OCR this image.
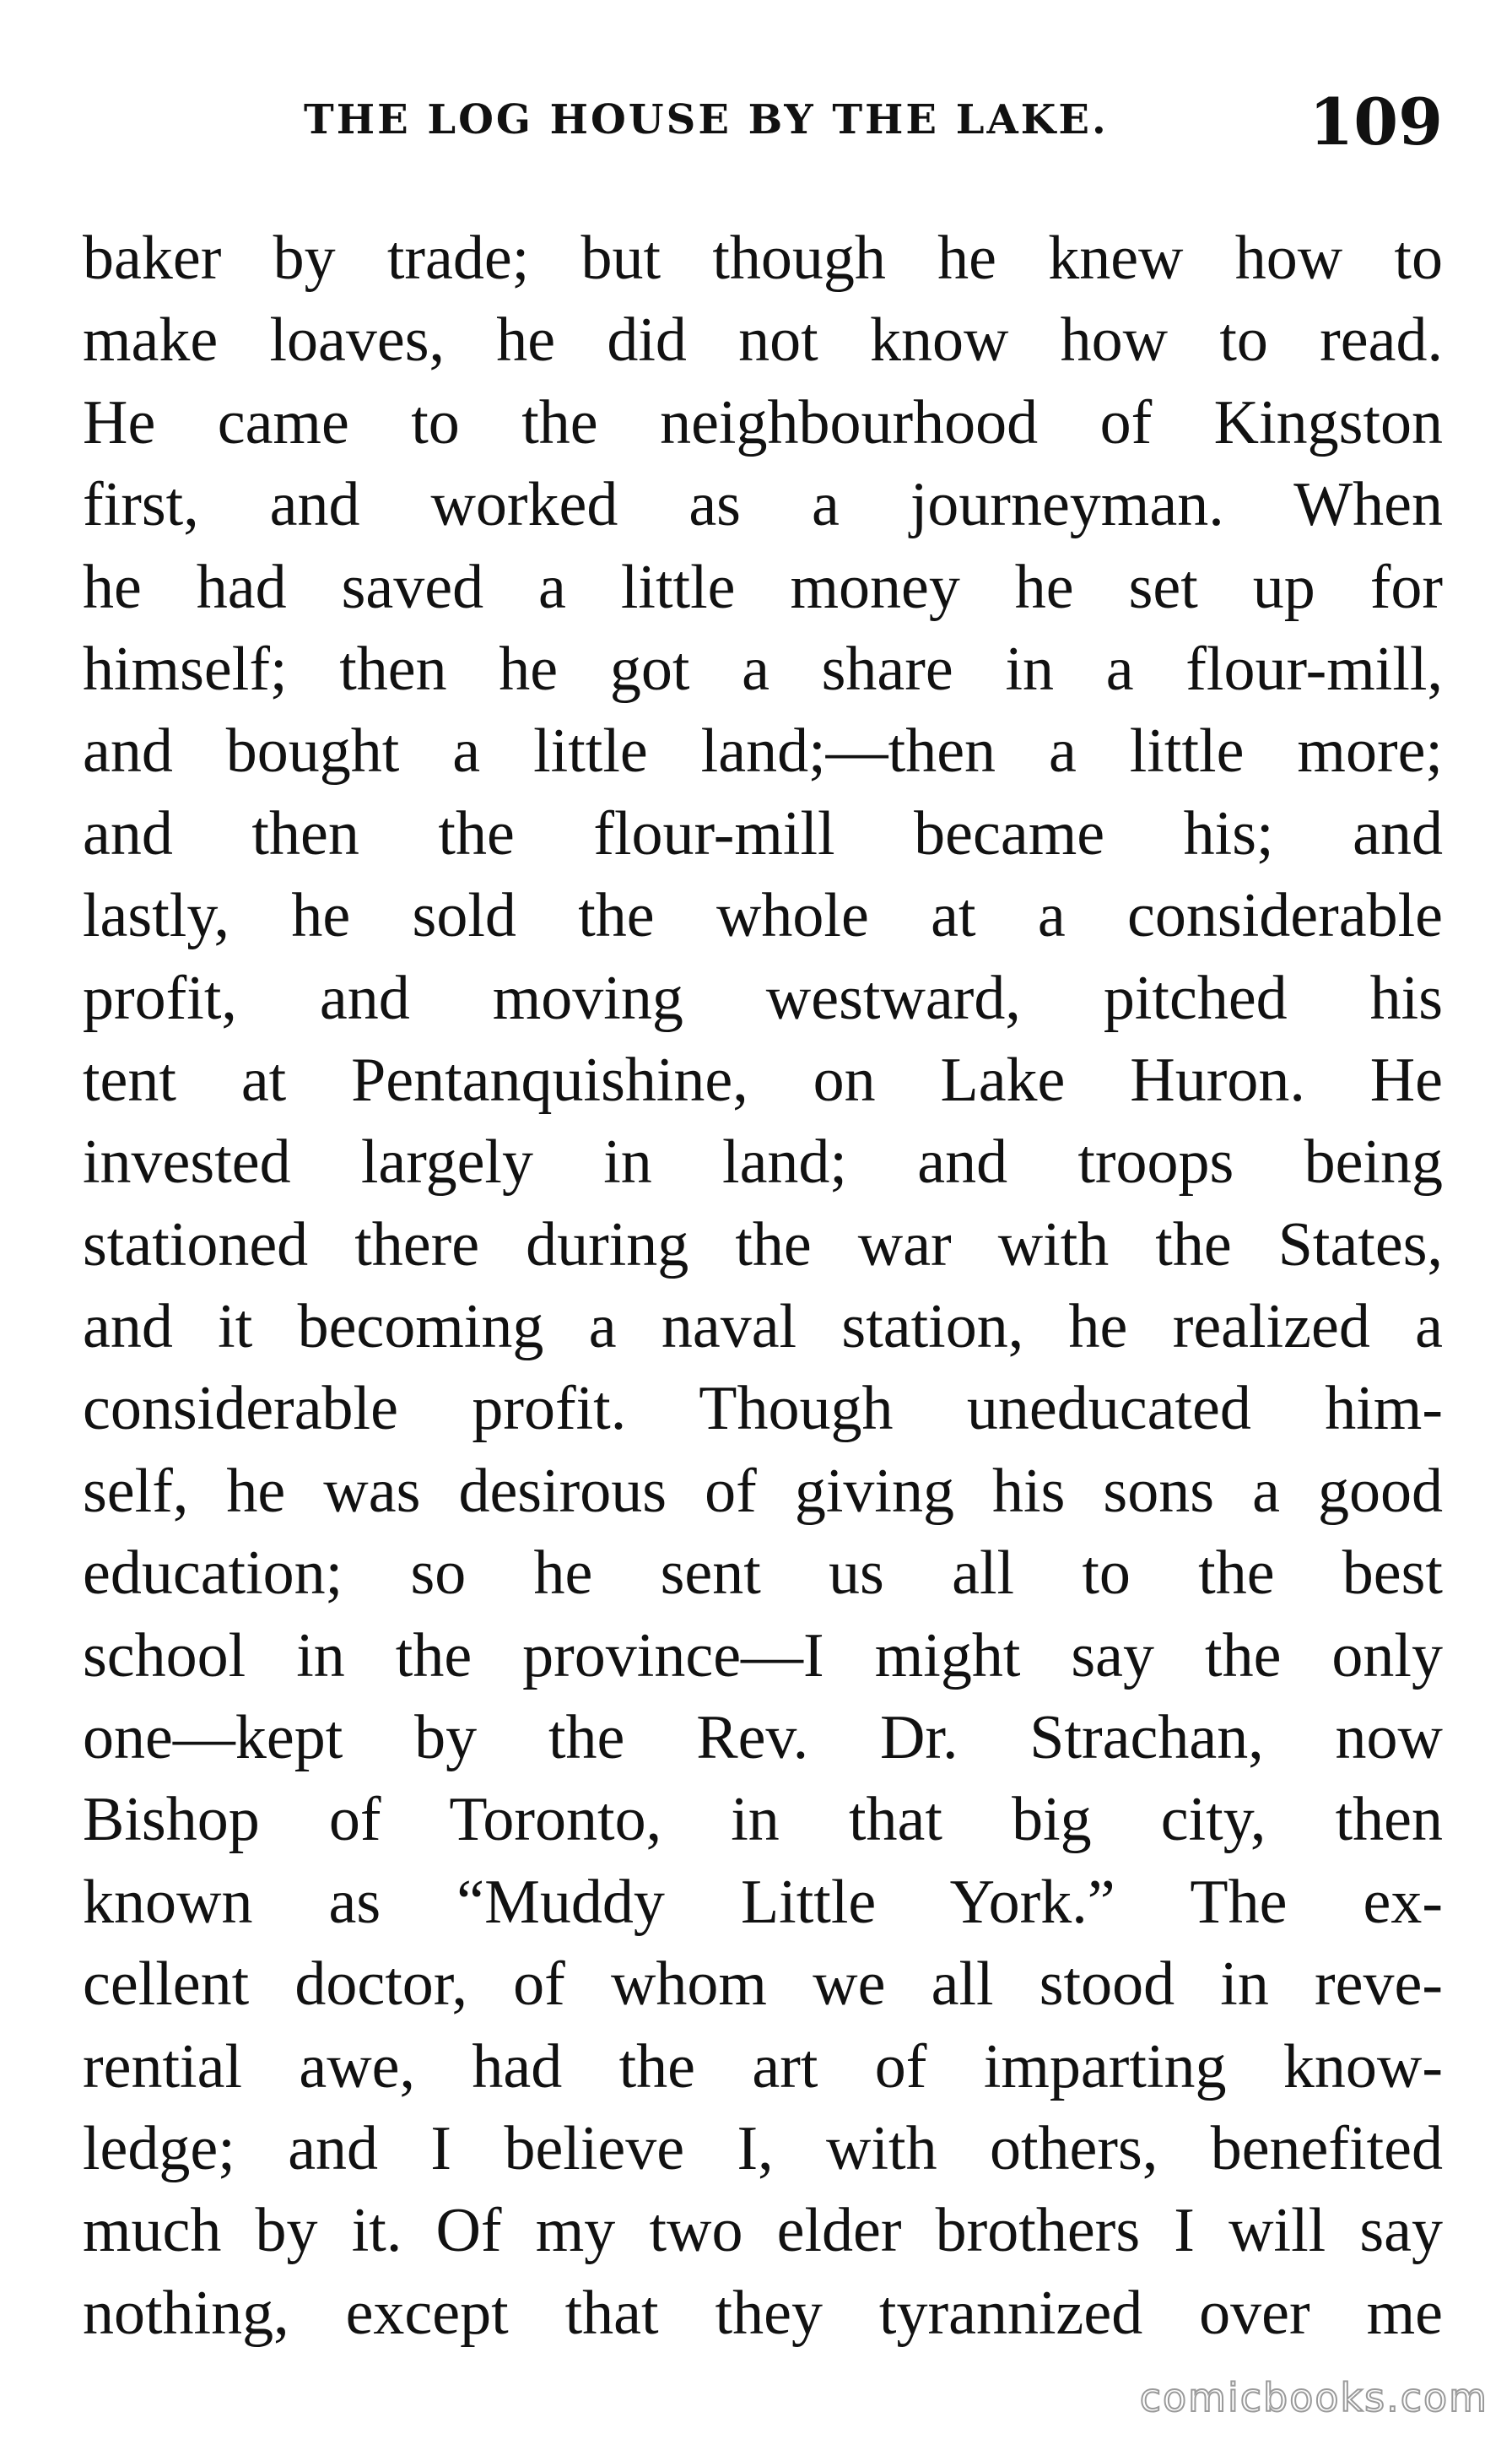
THE LOG HOUSE BY THE LAKE.	109
baker by trade; but though he knew how to
make loaves, he did not know how to read.
He came to the neighbourhood of Kingston
first, and worked as a journeyman. When
he had saved a little money he set up for
himself; then he got a share in a flour-mill,
and bought a little land;—then a little more;
and then the flour-mill became his; and
lastly, he sold the whole at a considerable
profit, and moving westward, pitched his
tent at Pentanquishine, on Lake Huron. He
invested largely in land; and troops being
stationed there during the war with the States,
and it becoming a naval station, he realized a
considerable profit. Though uneducated him-
self, he was desirous of giving his sons a good
education; so he sent us all to the best
school in the province—I might say the only
one—kept by the Rev. Dr. Strachan, now
Bishop of Toronto, in that big city, then
known as “Muddy Little York.” The ex-
cellent doctor, of whom we all stood in reve-
rential awe, had the art of imparting know-
ledge; and I believe I, with others, benefited
much by it. Of my two elder brothers I will say
nothing, except that they tyrannized over me
comicbooks.com
